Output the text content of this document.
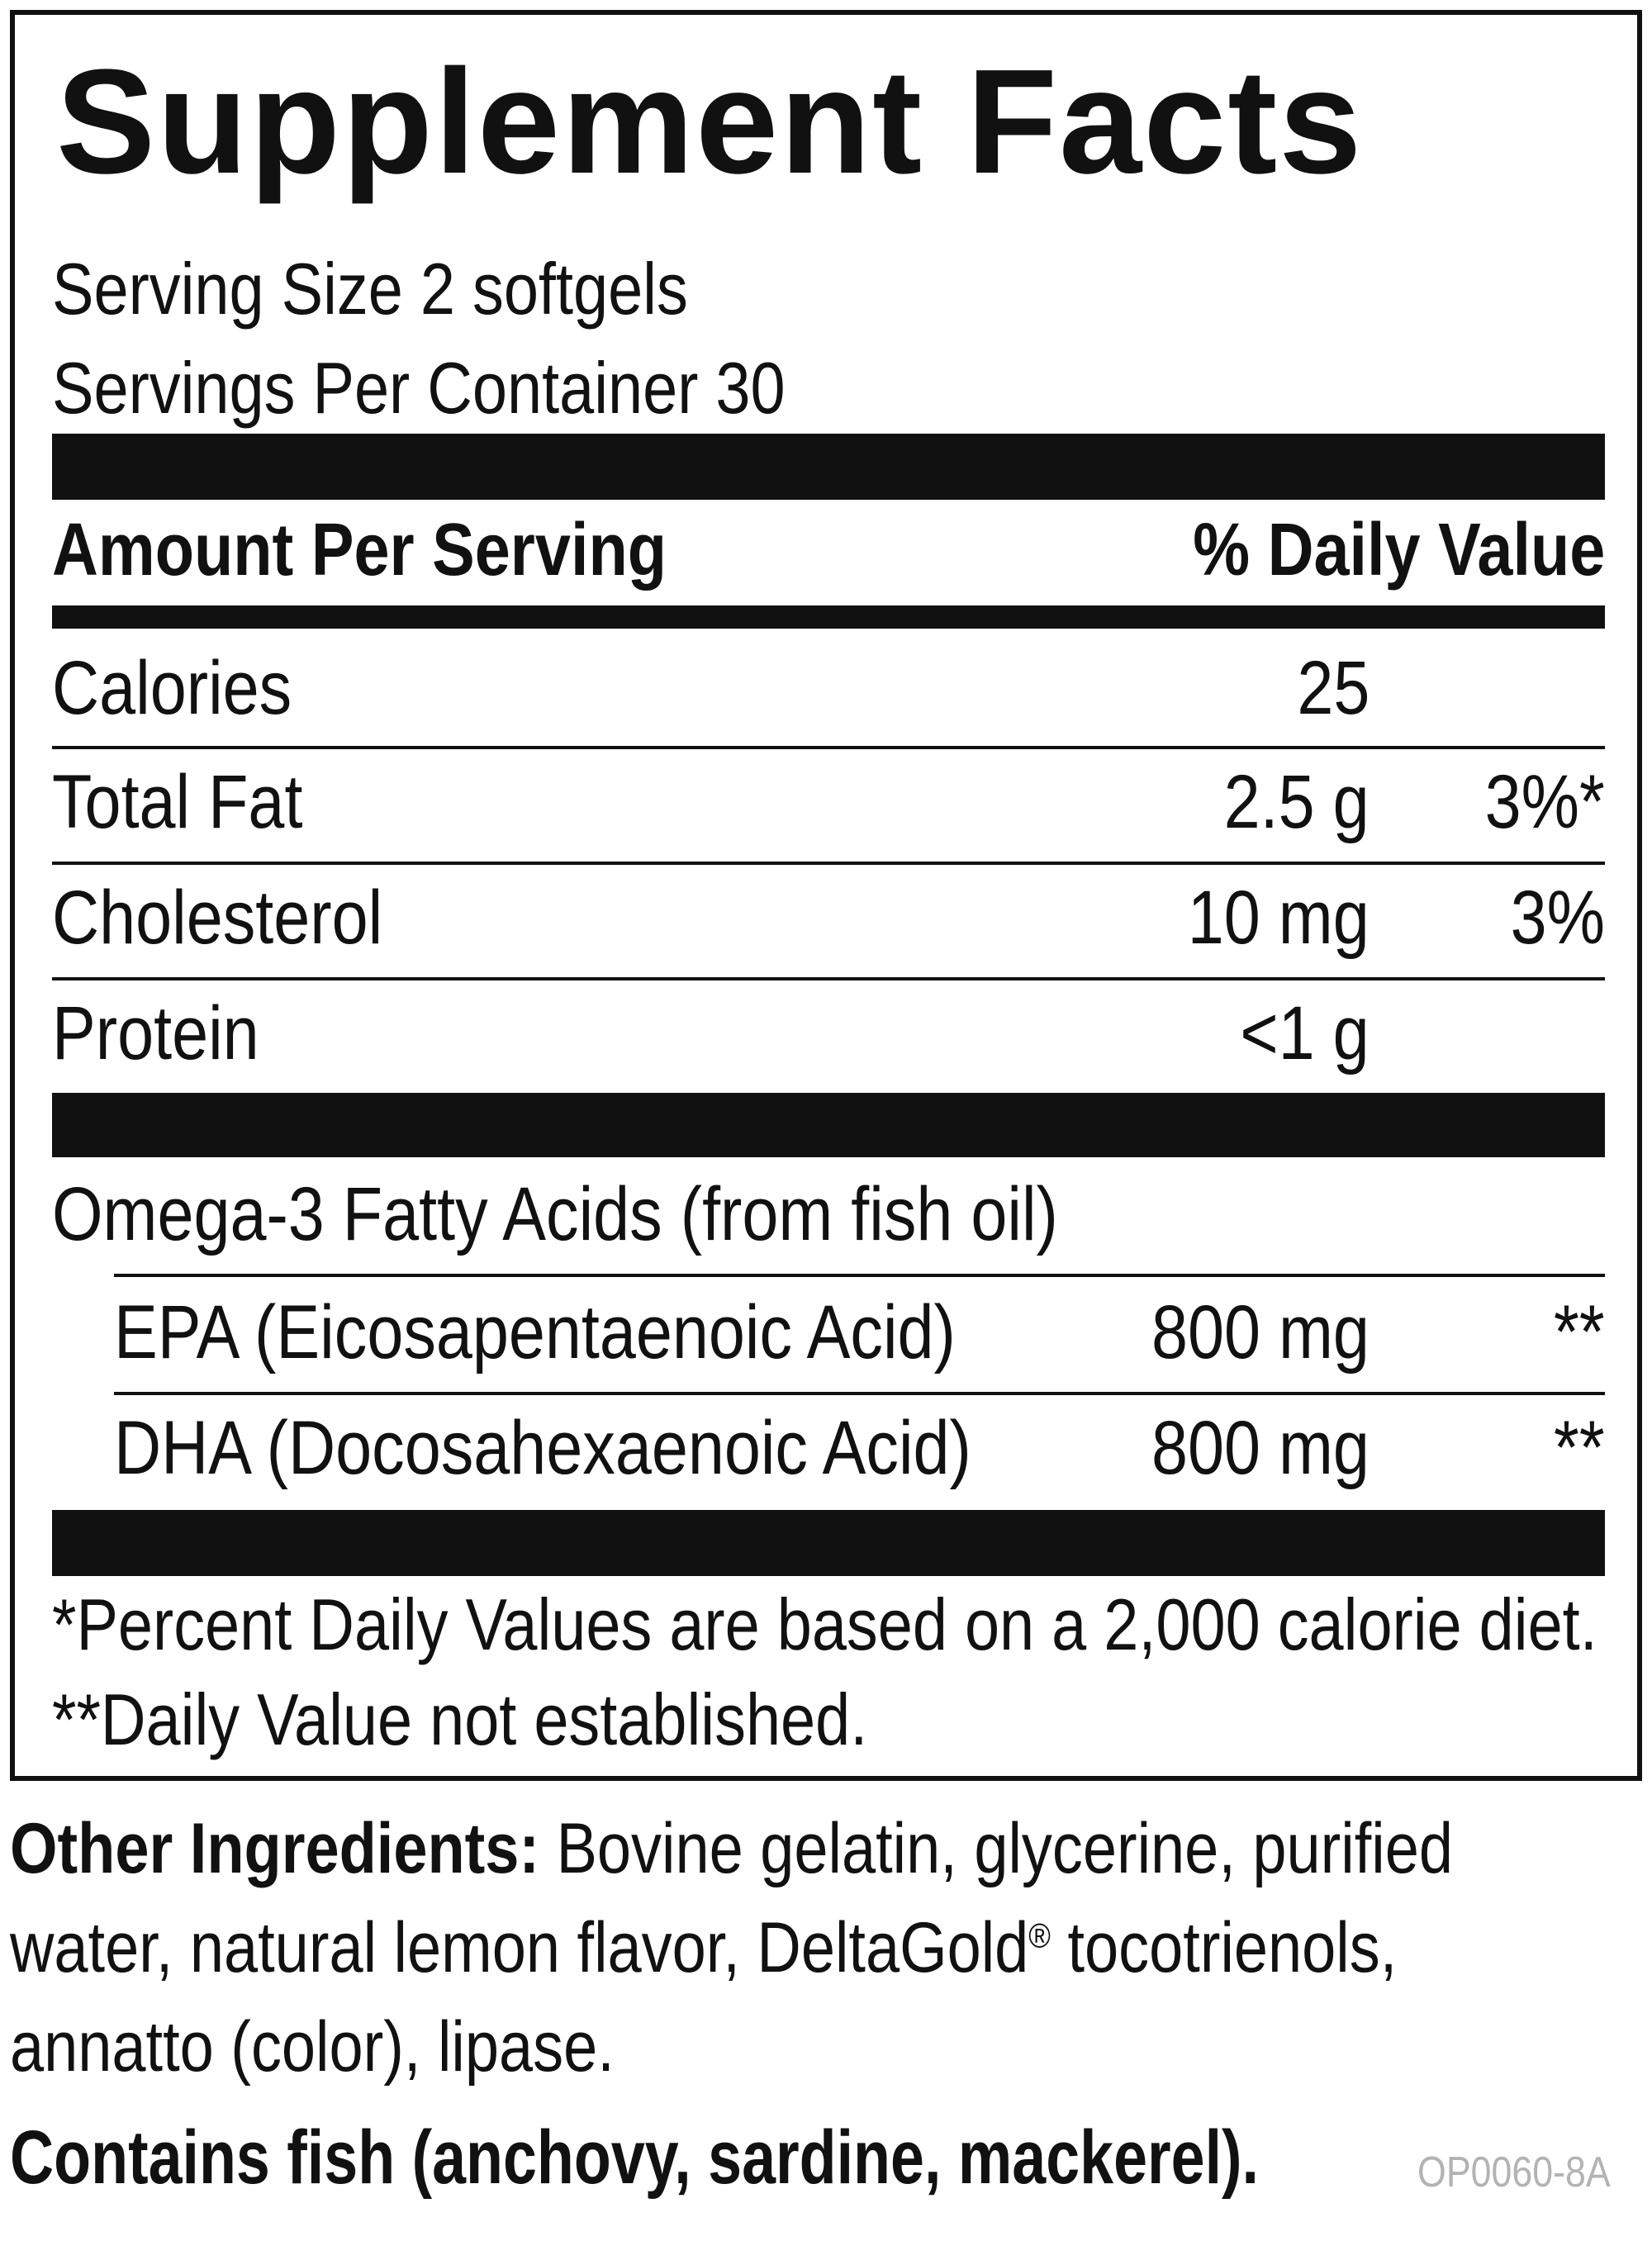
Supplement Facts
Serving Size 2 softgels
Servings Per Container 30
Amount Per Serving	% Daily Value
Calories	25
Total Fat	2.5 g 3%*
Cholesterol	10 mg 3%
Protein	<1 g
Omega-3 Fatty Acids (from fish oil)
EPA (Eicosapentaenoic Acid)	800 mg **
DHA (Docosahexaenoic Acid) 800 mg **
*Percent Daily Values are based on a 2,000 calorie diet.
**Daily Value not established.
Other Ingredients: Bovine gelatin, glycerine, purified water, natural lemon flavor, DeltaGold® tocotrienols, annatto (color), lipase.
Contains fish (anchovy, sardine, mackerel).	OP0060-8A
